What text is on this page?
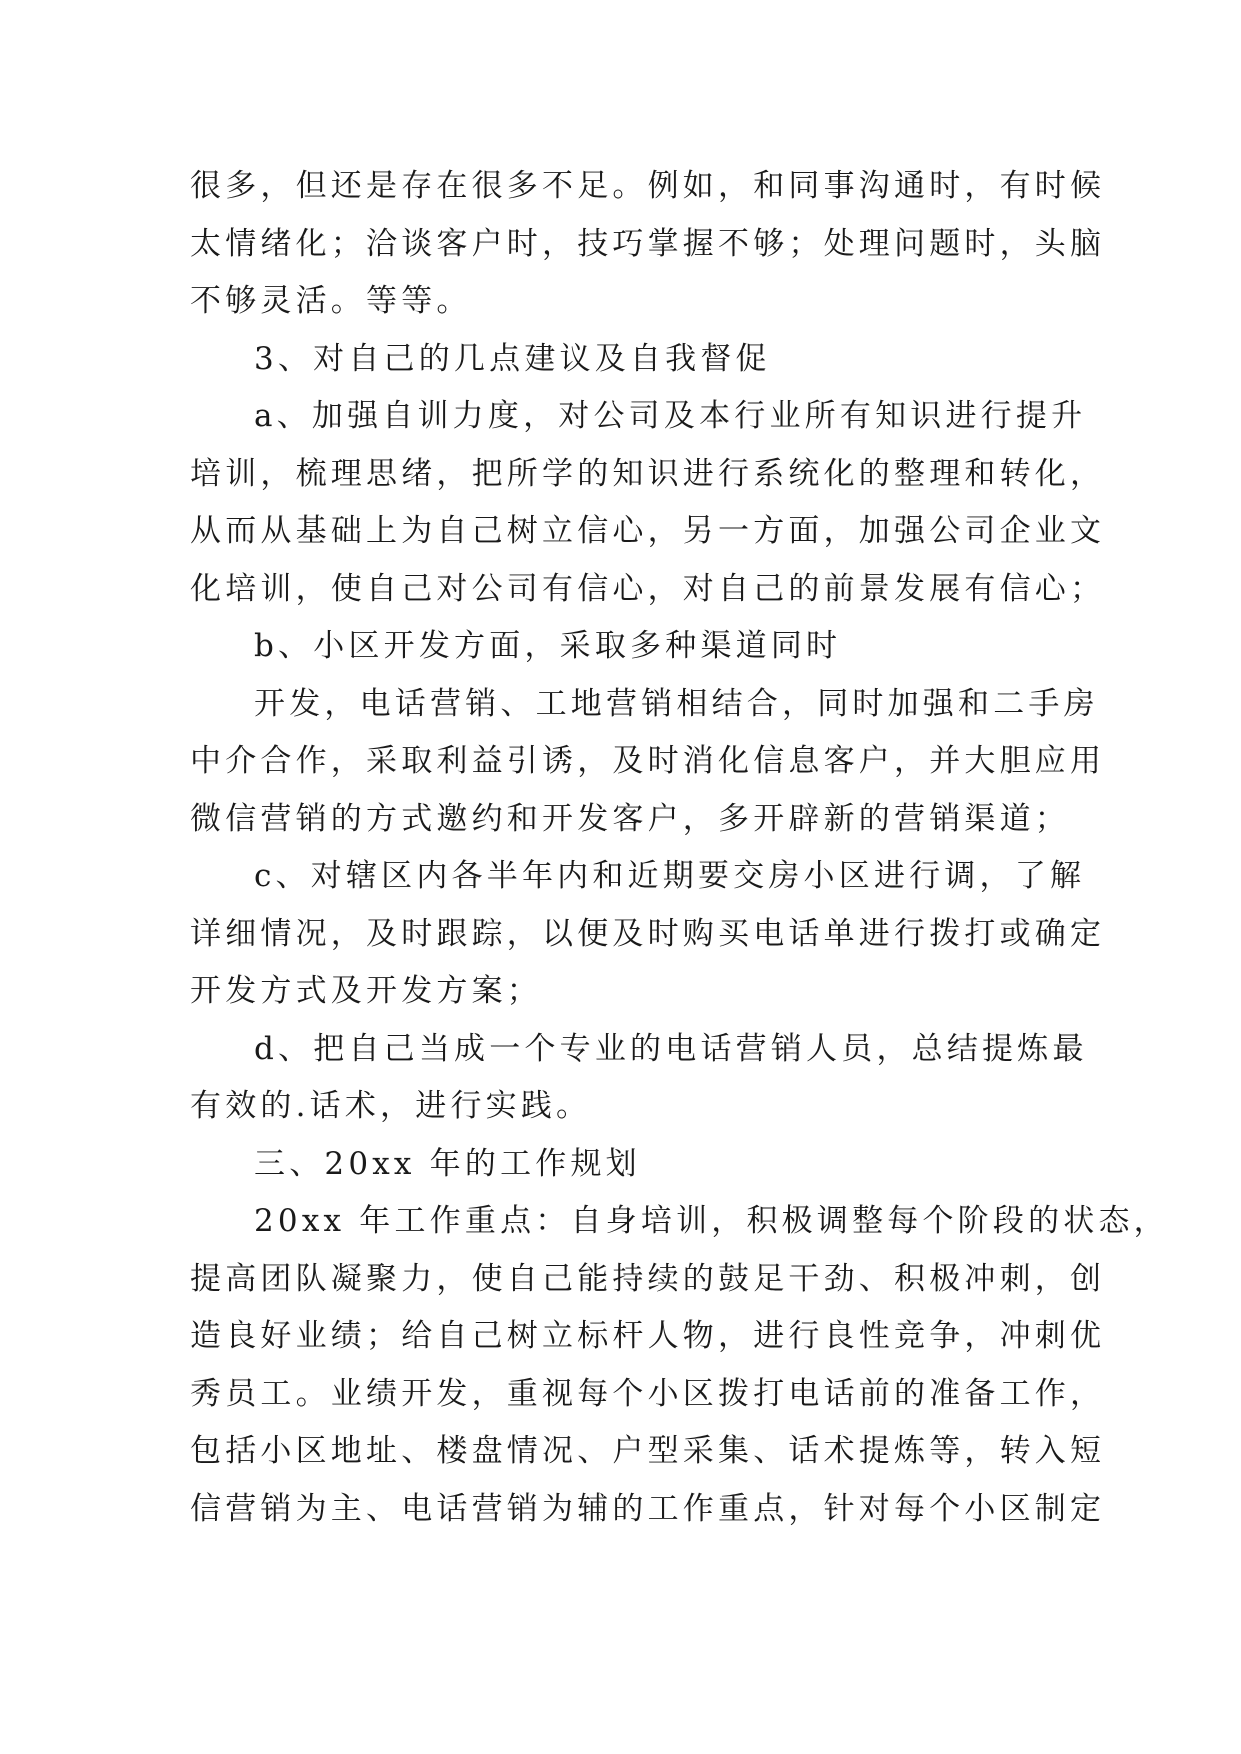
很多，但还是存在很多不足。例如，和同事沟通时，有时候
太情绪化；洽谈客户时，技巧掌握不够；处理问题时，头脑
不够灵活。等等。
3、对自己的几点建议及自我督促
a、加强自训力度，对公司及本行业所有知识进行提升
培训，梳理思绪，把所学的知识进行系统化的整理和转化，
从而从基础上为自己树立信心，另一方面，加强公司企业文
化培训，使自己对公司有信心，对自己的前景发展有信心；
b、小区开发方面，采取多种渠道同时
开发，电话营销、工地营销相结合，同时加强和二手房
中介合作，采取利益引诱，及时消化信息客户，并大胆应用
微信营销的方式邀约和开发客户，多开辟新的营销渠道；
c、对辖区内各半年内和近期要交房小区进行调，了解
详细情况，及时跟踪，以便及时购买电话单进行拨打或确定
开发方式及开发方案；
d、把自己当成一个专业的电话营销人员，总结提炼最
有效的.话术，进行实践。
三、20xx 年的工作规划
20xx 年工作重点：自身培训，积极调整每个阶段的状态，
提高团队凝聚力，使自己能持续的鼓足干劲、积极冲刺，创
造良好业绩；给自己树立标杆人物，进行良性竞争，冲刺优
秀员工。业绩开发，重视每个小区拨打电话前的准备工作，
包括小区地址、楼盘情况、户型采集、话术提炼等，转入短
信营销为主、电话营销为辅的工作重点，针对每个小区制定
